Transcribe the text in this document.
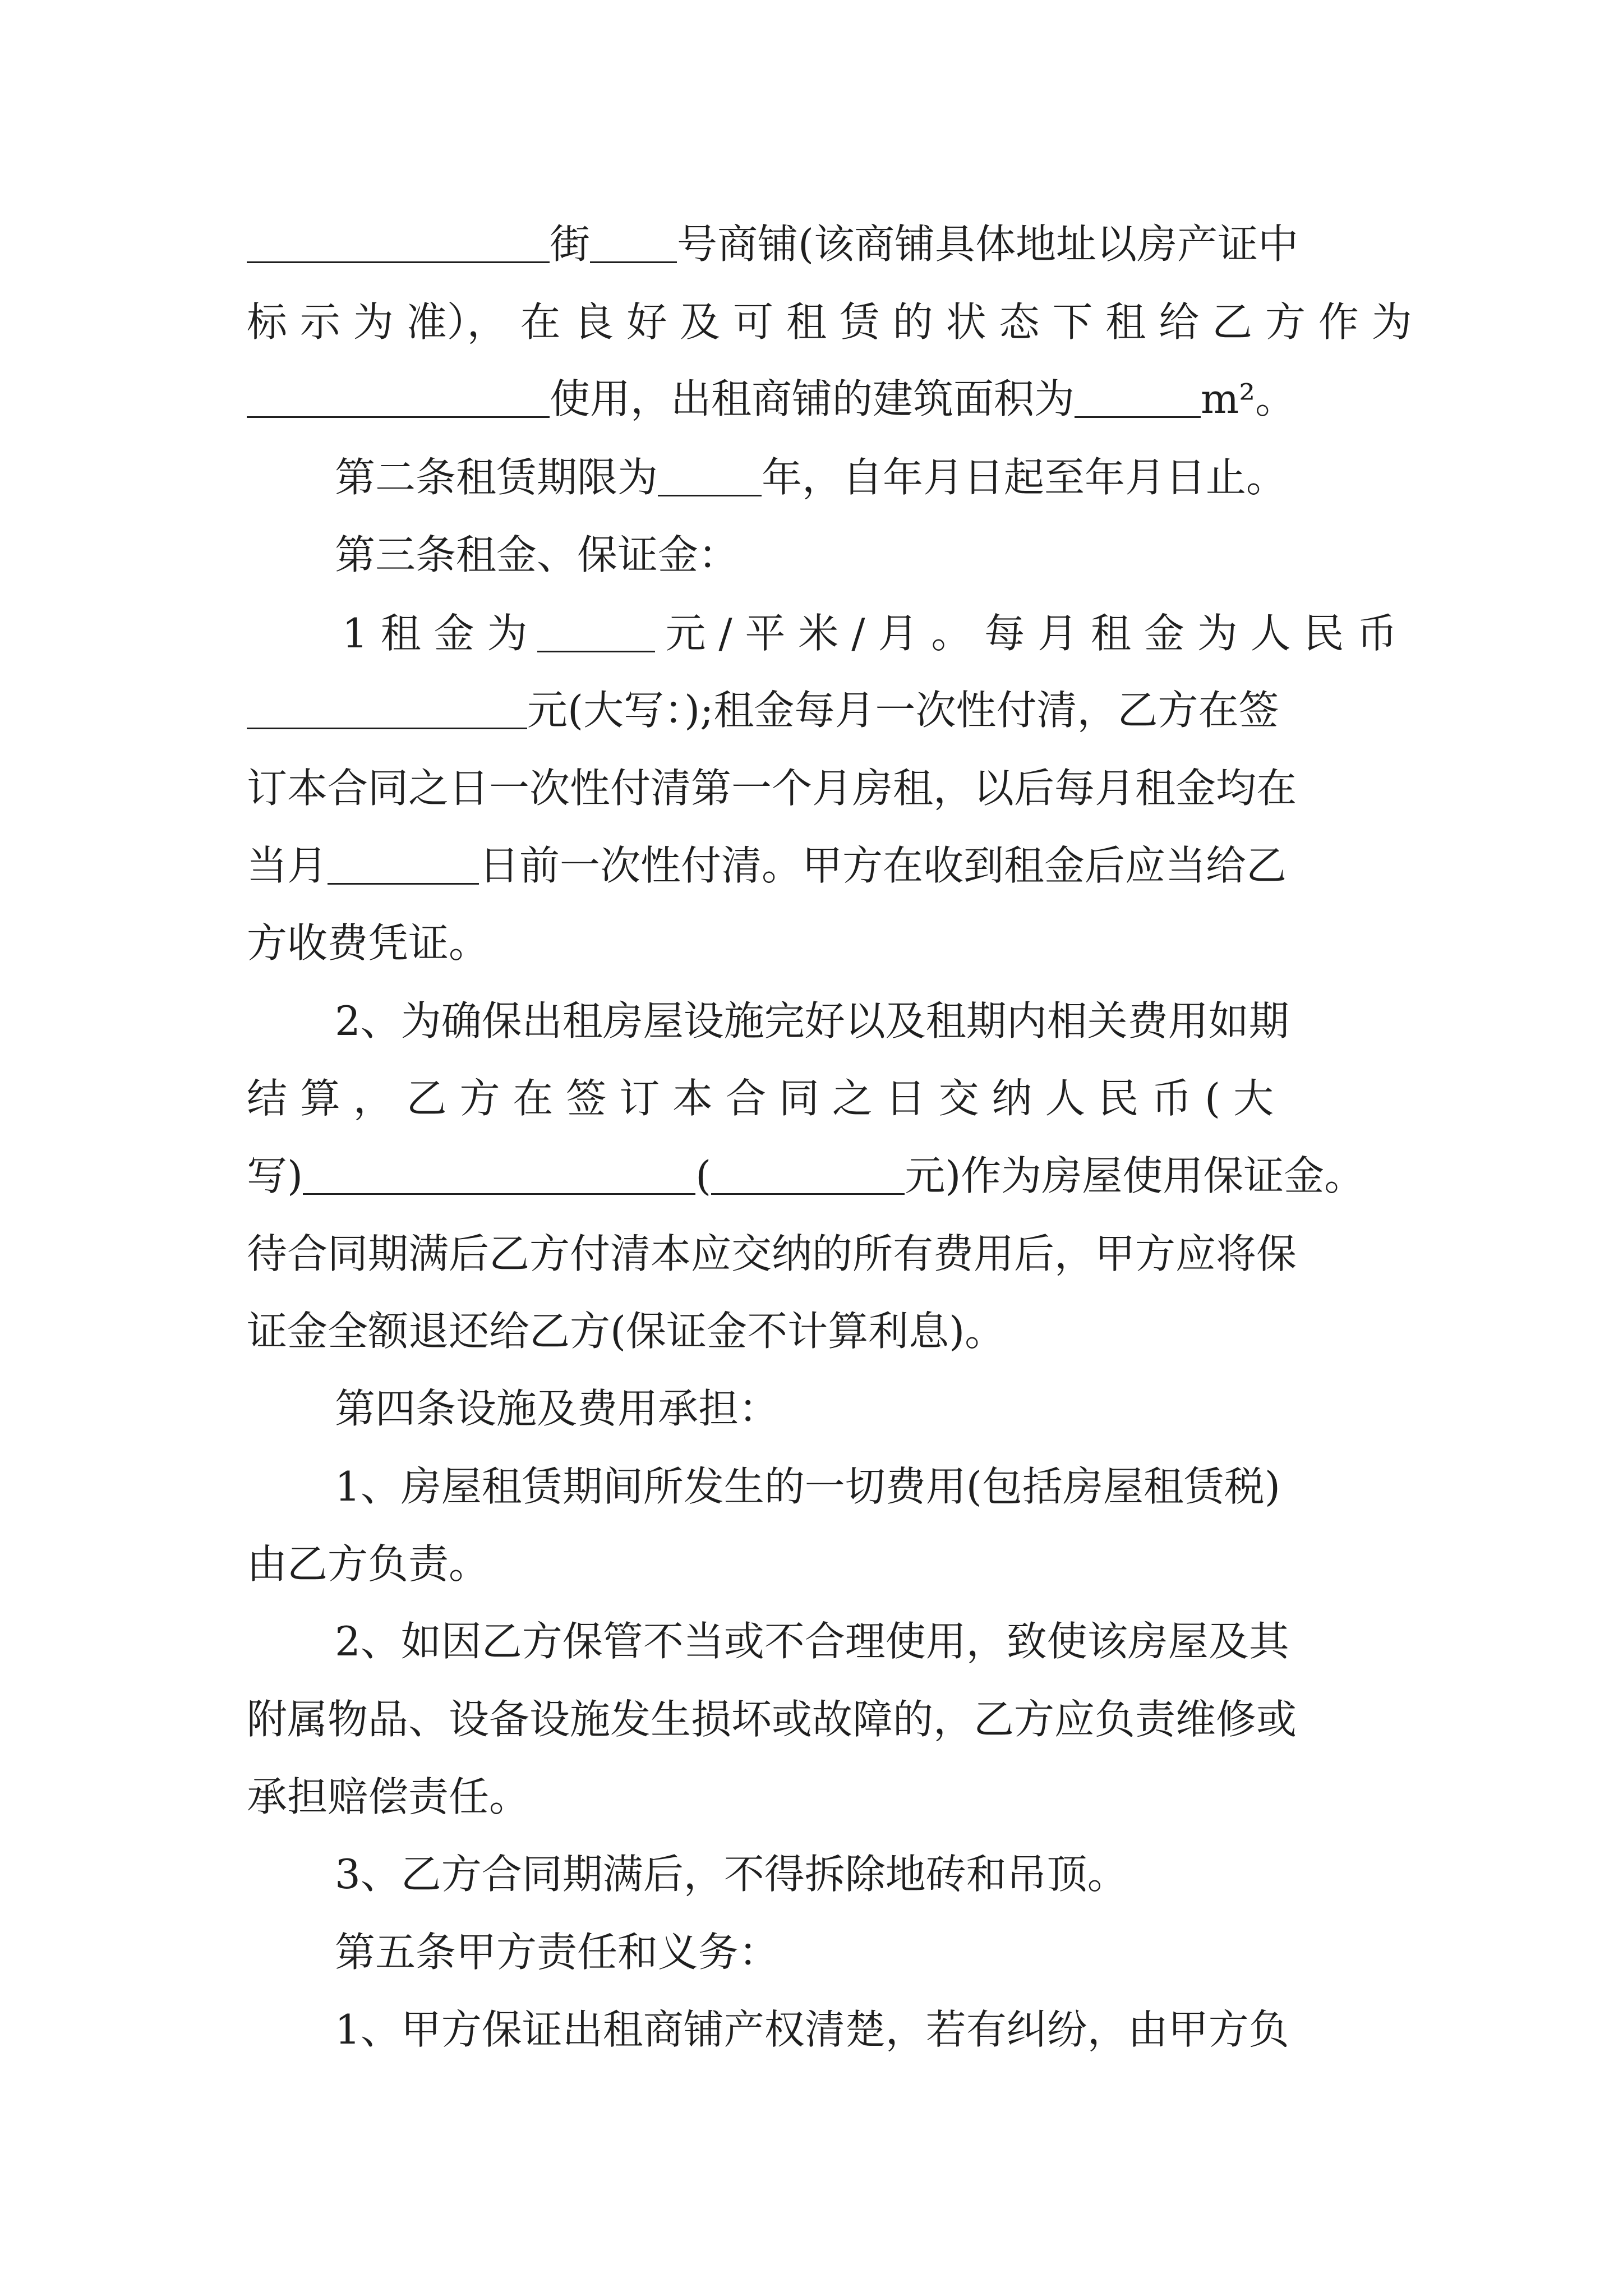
街 号商铺(该商铺具体地址以房产证中
标 示 为 准）， 在 良 好 及 可 租 赁 的 状 态 下 租 给 乙 方 作 为
使用，出租商铺的建筑面积为	m²。
第二条租赁期限为	年，自年月日起至年月日止。
第三条租金、保证金：
1 租 金 为	元 / 平 米 / 月 。 每 月 租 金 为 人 民 币
元(大写：);租金每月一次性付清，乙方在签
订本合同之日一次性付清第一个月房租，以后每月租金均在
当月	日前一次性付清。甲方在收到租金后应当给乙
方收费凭证。
2、为确保出租房屋设施完好以及租期内相关费用如期
结 算 ， 乙 方 在 签 订 本 合 同 之 日 交 纳 人 民 币 ( 大
写)	(	元)作为房屋使用保证金。
待合同期满后乙方付清本应交纳的所有费用后，甲方应将保
证金全额退还给乙方(保证金不计算利息)。
第四条设施及费用承担：
1、房屋租赁期间所发生的一切费用(包括房屋租赁税)
由乙方负责。
2、如因乙方保管不当或不合理使用，致使该房屋及其
附属物品、设备设施发生损坏或故障的，乙方应负责维修或
承担赔偿责任。
3、乙方合同期满后，不得拆除地砖和吊顶。
第五条甲方责任和义务：
1、甲方保证出租商铺产权清楚，若有纠纷，由甲方负
